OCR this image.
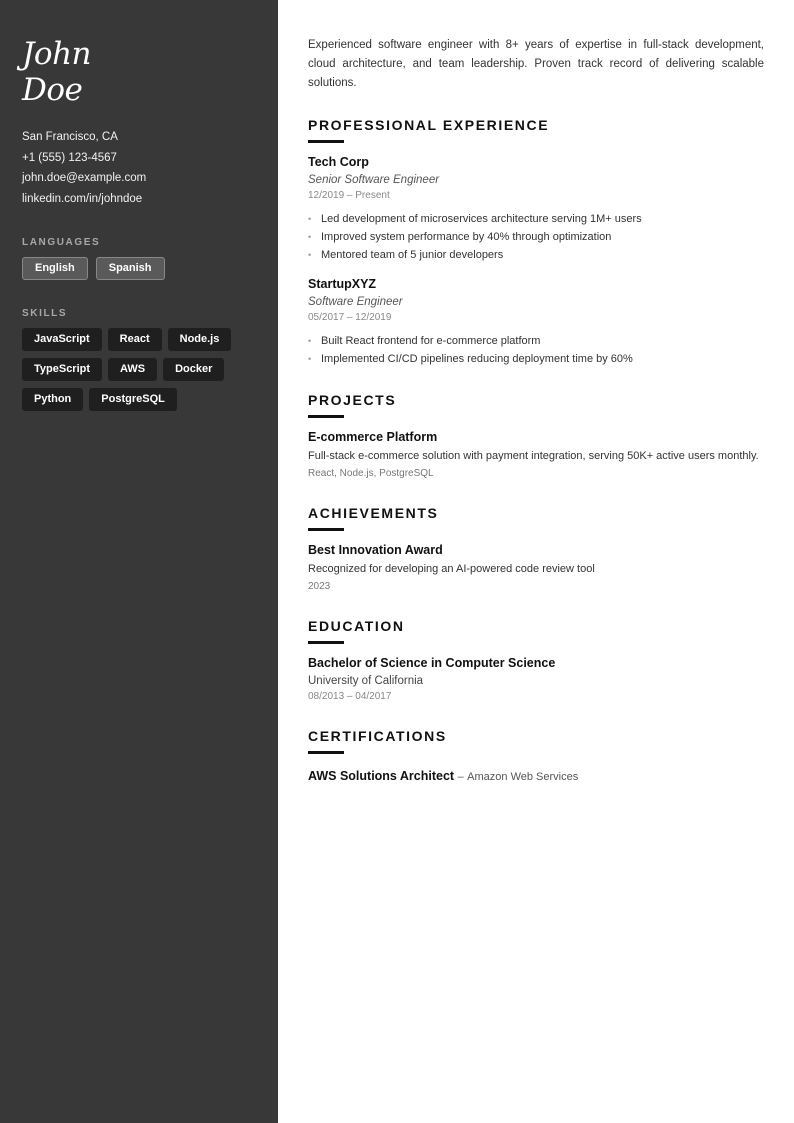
John
Doe
San Francisco, CA
+1 (555) 123-4567
john.doe@example.com
linkedin.com/in/johndoe
LANGUAGES
English	Spanish
SKILLS
JavaScript	React	Node.js
TypeScript	AWS	Docker
Python	PostgreSQL

Experienced software engineer with 8+ years of expertise in full-stack development, cloud architecture, and team leadership. Proven track record of delivering scalable solutions.

PROFESSIONAL EXPERIENCE
Tech Corp
Senior Software Engineer
12/2019 – Present
• Led development of microservices architecture serving 1M+ users
• Improved system performance by 40% through optimization
• Mentored team of 5 junior developers
StartupXYZ
Software Engineer
05/2017 – 12/2019
• Built React frontend for e-commerce platform
• Implemented CI/CD pipelines reducing deployment time by 60%
PROJECTS
E-commerce Platform
Full-stack e-commerce solution with payment integration, serving 50K+ active users monthly.
React, Node.js, PostgreSQL
ACHIEVEMENTS
Best Innovation Award
Recognized for developing an AI-powered code review tool
2023
EDUCATION
Bachelor of Science in Computer Science
University of California
08/2013 – 04/2017
CERTIFICATIONS
AWS Solutions Architect – Amazon Web Services
